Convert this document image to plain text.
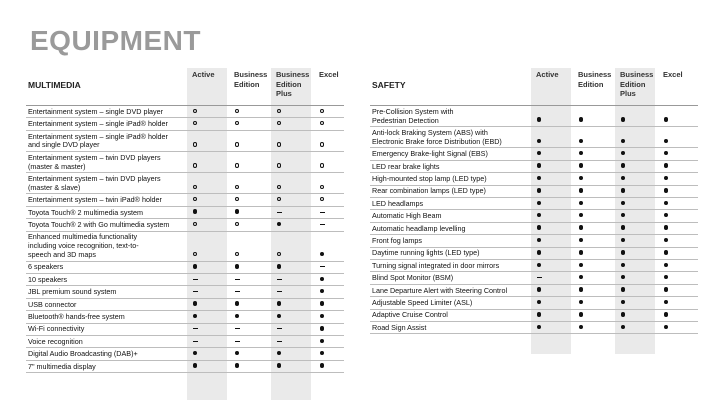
EQUIPMENT
MULTIMEDIA
Active	Business Edition
Business Edition Plus
Excel
Entertainment system – single DVD player
Entertainment system – single iPad® holder
Entertainment system – single iPad® holder
and single DVD player
Entertainment system – twin DVD players
(master & master)
Entertainment system – twin DVD players
(master & slave)
Entertainment system – twin iPad® holder
Toyota Touch® 2 multimedia system
Toyota Touch® 2 with Go multimedia system
Enhanced multimedia functionality
including voice recognition, text-to-
speech and 3D maps
6 speakers
10 speakers
JBL premium sound system
USB connector
Bluetooth® hands-free system
Wi-Fi connectivity
Voice recognition
Digital Audio Broadcasting (DAB)+
7" multimedia display
SAFETY
Active	Business Edition
Business Edition Plus
Excel
Pre-Collision System with
Pedestrian Detection
Anti-lock Braking System (ABS) with
Electronic Brake force Distribution (EBD)
Emergency Brake-light Signal (EBS)
LED rear brake lights
High-mounted stop lamp (LED type)
Rear combination lamps (LED type)
LED headlamps
Automatic High Beam
Automatic headlamp levelling
Front fog lamps
Daytime running lights (LED type)
Turning signal integrated in door mirrors
Blind Spot Monitor (BSM)
Lane Departure Alert with Steering Control
Adjustable Speed Limiter (ASL)
Adaptive Cruise Control
Road Sign Assist
